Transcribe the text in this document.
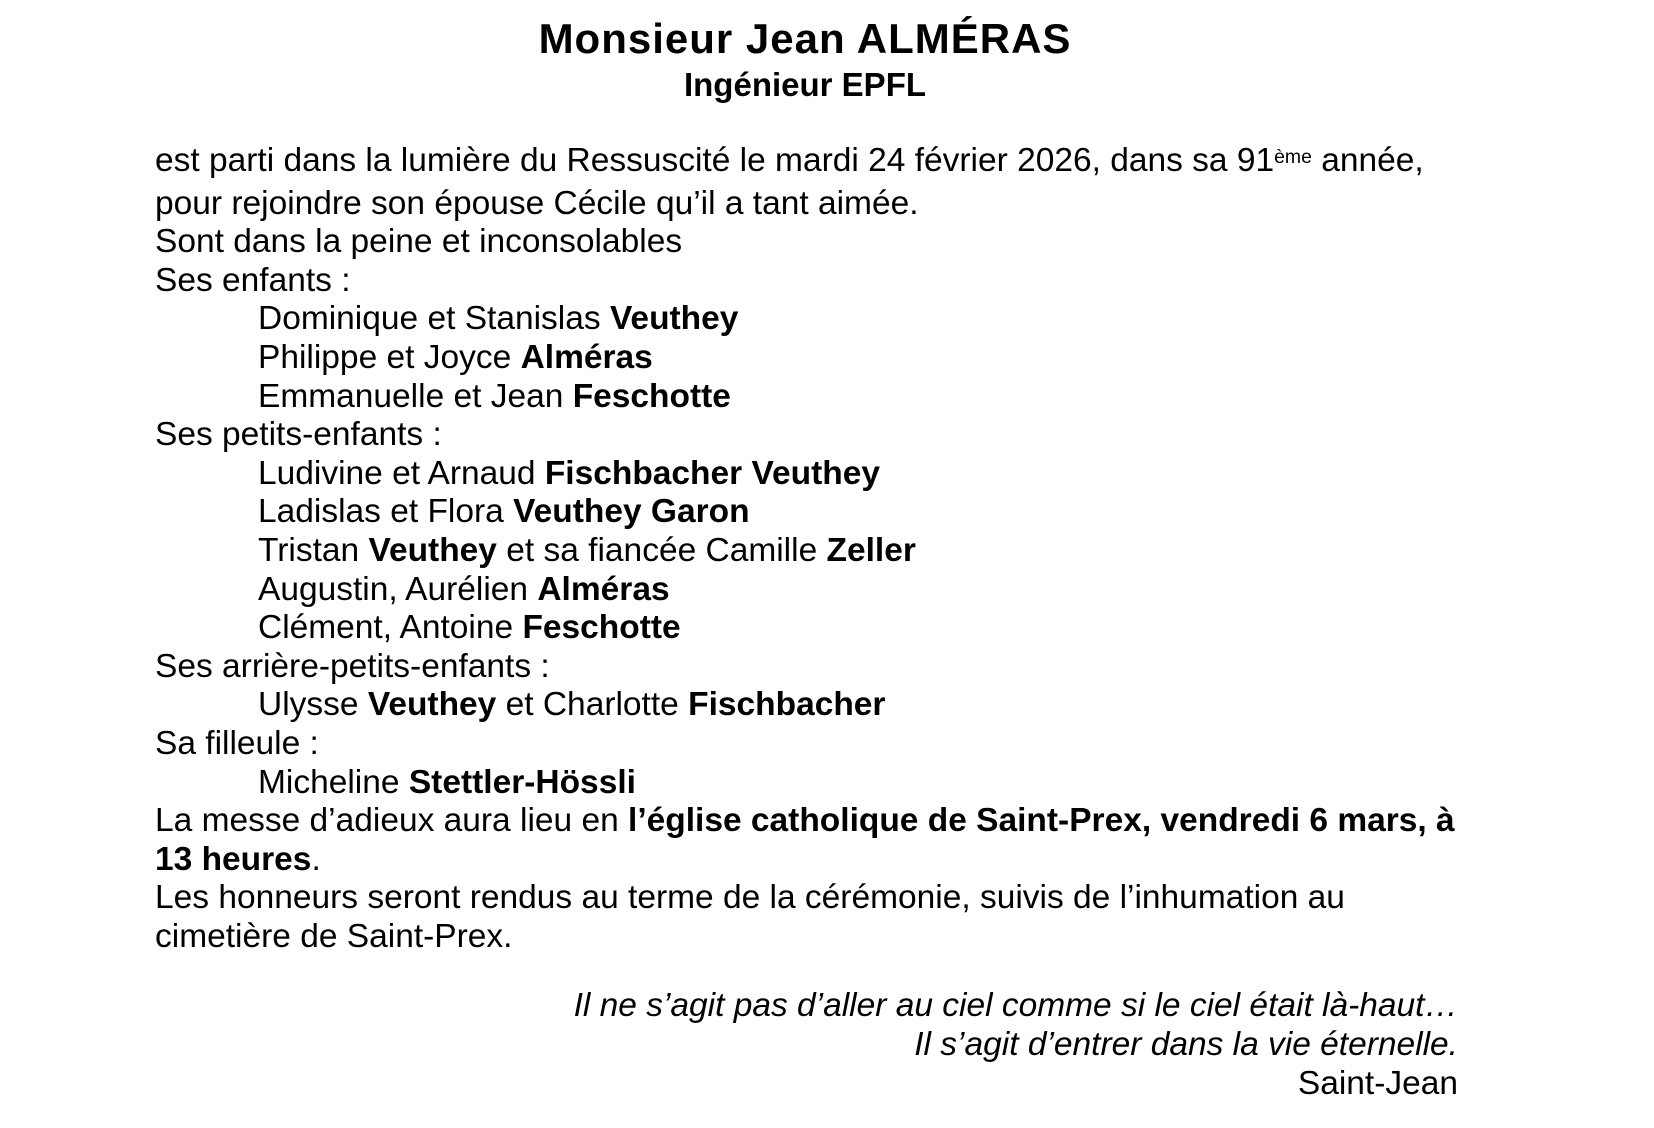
Monsieur Jean ALMÉRAS
Ingénieur EPFL
est parti dans la lumière du Ressuscité le mardi 24 février 2026, dans sa 91ème année,
pour rejoindre son épouse Cécile qu’il a tant aimée.
Sont dans la peine et inconsolables
Ses enfants :
Dominique et Stanislas Veuthey
Philippe et Joyce Alméras
Emmanuelle et Jean Feschotte
Ses petits-enfants :
Ludivine et Arnaud Fischbacher Veuthey
Ladislas et Flora Veuthey Garon
Tristan Veuthey et sa fiancée Camille Zeller
Augustin, Aurélien Alméras
Clément, Antoine Feschotte
Ses arrière-petits-enfants :
Ulysse Veuthey et Charlotte Fischbacher
Sa filleule :
Micheline Stettler-Hössli
La messe d’adieux aura lieu en l’église catholique de Saint-Prex, vendredi 6 mars, à
13 heures.
Les honneurs seront rendus au terme de la cérémonie, suivis de l’inhumation au
cimetière de Saint-Prex.
Il ne s’agit pas d’aller au ciel comme si le ciel était là-haut…
Il s’agit d’entrer dans la vie éternelle.
Saint-Jean
